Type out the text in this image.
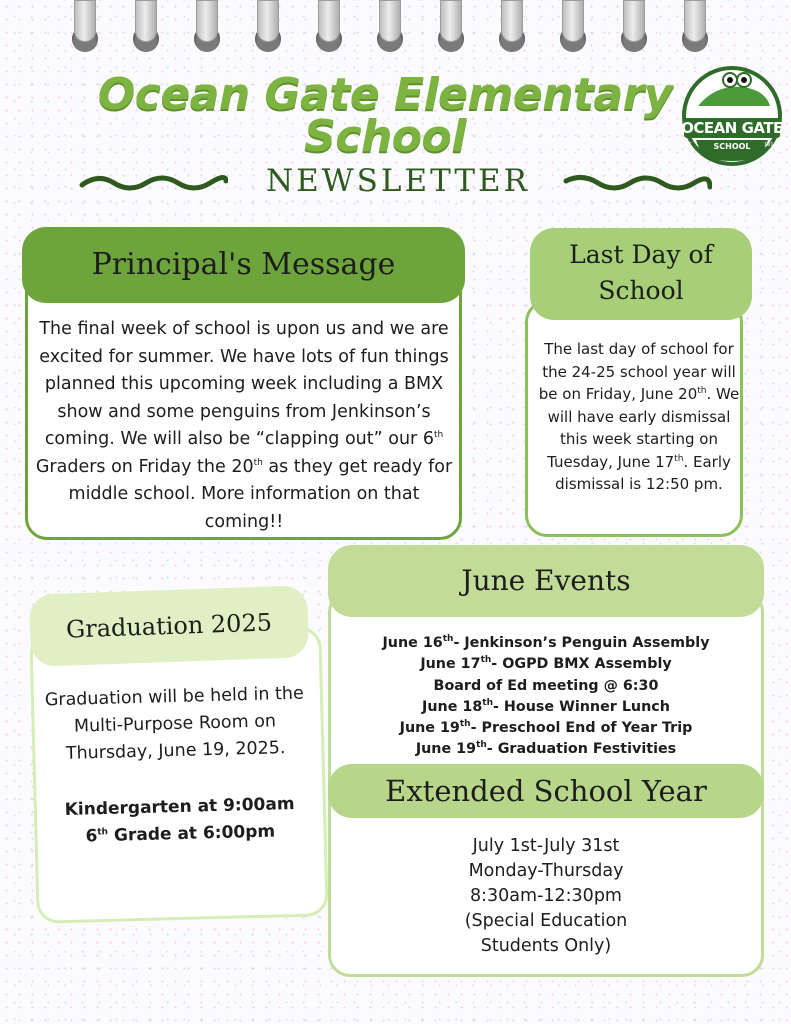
Ocean Gate Elementary
School
NEWSLETTER
OCEAN GATE
SCHOOL
EST.	1914
Principal's Message
The final week of school is upon us and we are excited for summer. We have lots of fun things planned this upcoming week including a BMX show and some penguins from Jenkinson’s coming. We will also be “clapping out” our 6th Graders on Friday the 20th as they get ready for middle school. More information on that coming!!
Last Day of
School
The last day of school for the 24-25 school year will be on Friday, June 20th. We will have early dismissal this week starting on Tuesday, June 17th. Early dismissal is 12:50 pm.
Graduation 2025
Graduation will be held in the Multi-Purpose Room on Thursday, June 19, 2025.
Kindergarten at 9:00am
6th Grade at 6:00pm
June Events
June 16th- Jenkinson’s Penguin Assembly
June 17th- OGPD BMX Assembly
Board of Ed meeting @ 6:30
June 18th- House Winner Lunch
June 19th- Preschool End of Year Trip
June 19th- Graduation Festivities
Extended School Year
July 1st-July 31st
Monday-Thursday
8:30am-12:30pm
(Special Education
Students Only)
